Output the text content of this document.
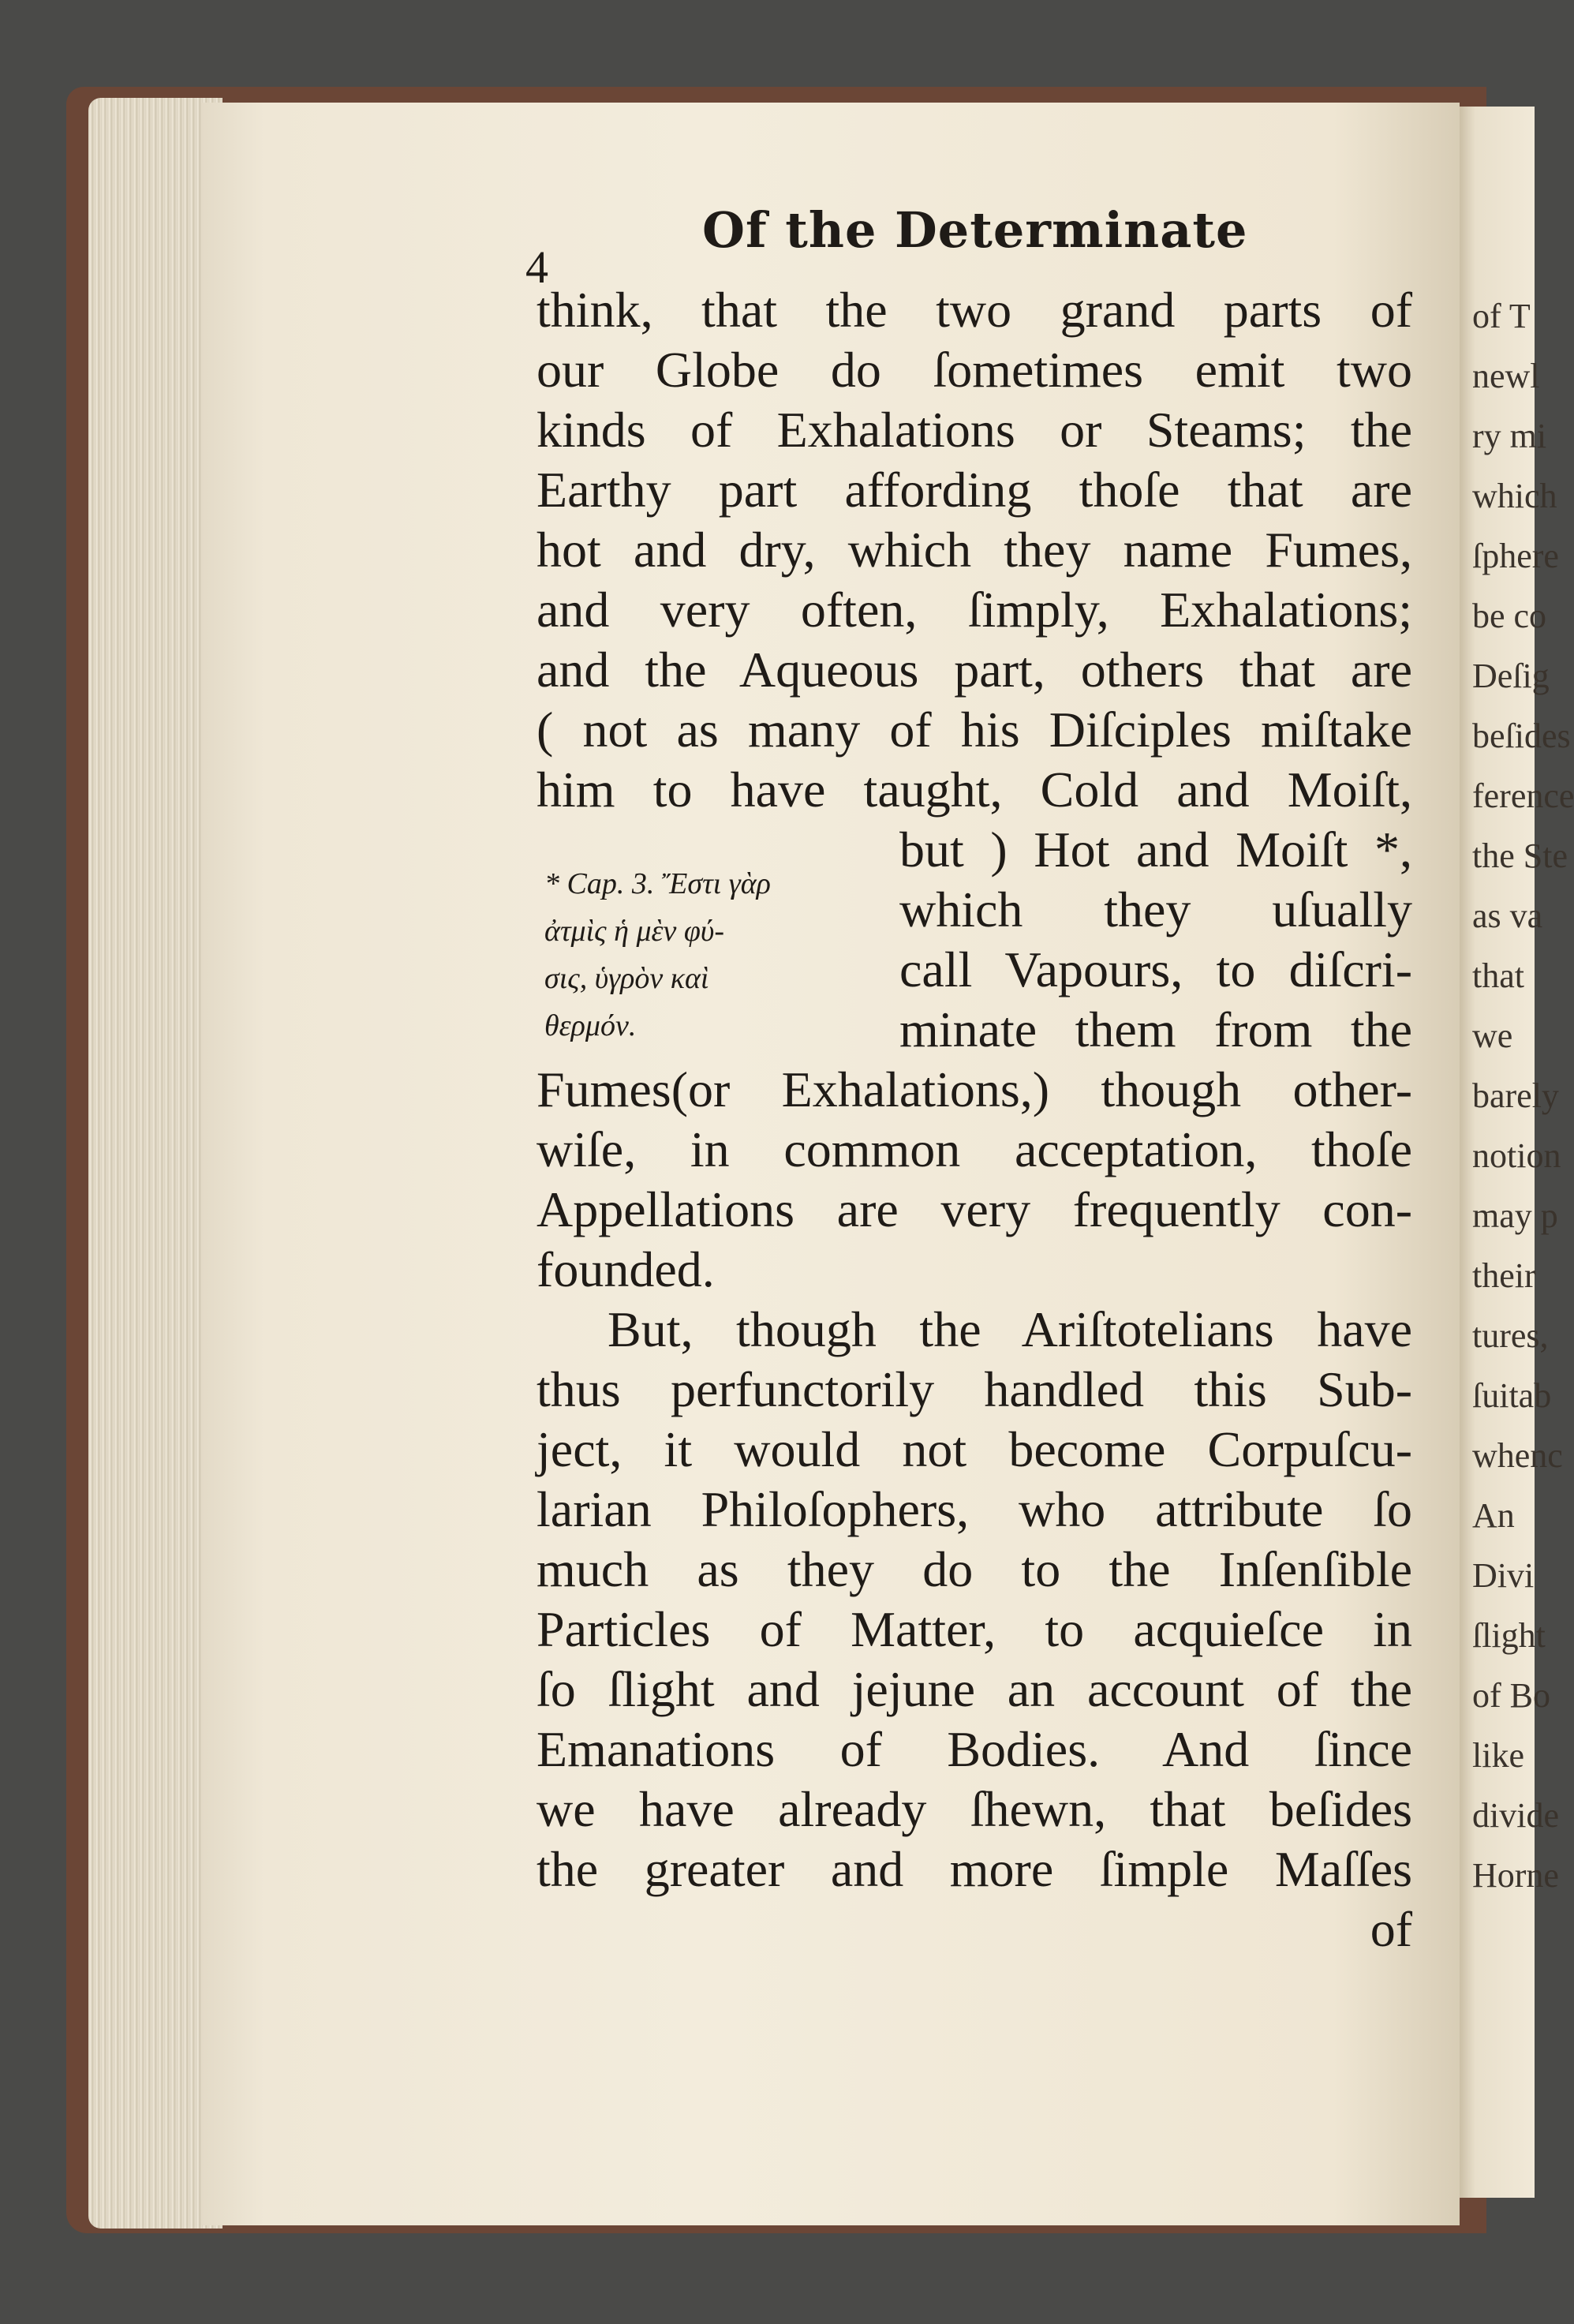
of T
newl
ry mi
which
ſphere
be co
Deſig
beſides
ference
the Ste
as va
that
we
barely
notion
may p
their
tures,
ſuitab
whenc
An
Divi
ſlight
of Bo
like
divide
Horne
4
Of the Determinate
think, that the two grand parts of
our Globe do ſometimes emit two
kinds of Exhalations or Steams; the
Earthy part affording thoſe that are
hot and dry, which they name Fumes,
and very often, ſimply, Exhalations;
and the Aqueous part, others that are
( not as many of his Diſciples miſtake
him to have taught, Cold and Moiſt,
but ) Hot and Moiſt *,
which they uſually
call Vapours, to diſcri-
minate them from the
Fumes(or Exhalations,) though other-
wiſe, in common acceptation, thoſe
Appellations are very frequently con-
founded.
But, though the Ariſtotelians have
thus perfunctorily handled this Sub-
ject, it would not become Corpuſcu-
larian Philoſophers, who attribute ſo
much as they do to the Inſenſible
Particles of Matter, to acquieſce in
ſo ſlight and jejune an account of the
Emanations of Bodies. And ſince
we have already ſhewn, that beſides
the greater and more ſimple Maſſes
of
* Cap. 3. Ἔστι γὰρ
ἀτμὶς ἡ μὲν φύ-
σις, ὑγρὸν καὶ
θερμόν.
